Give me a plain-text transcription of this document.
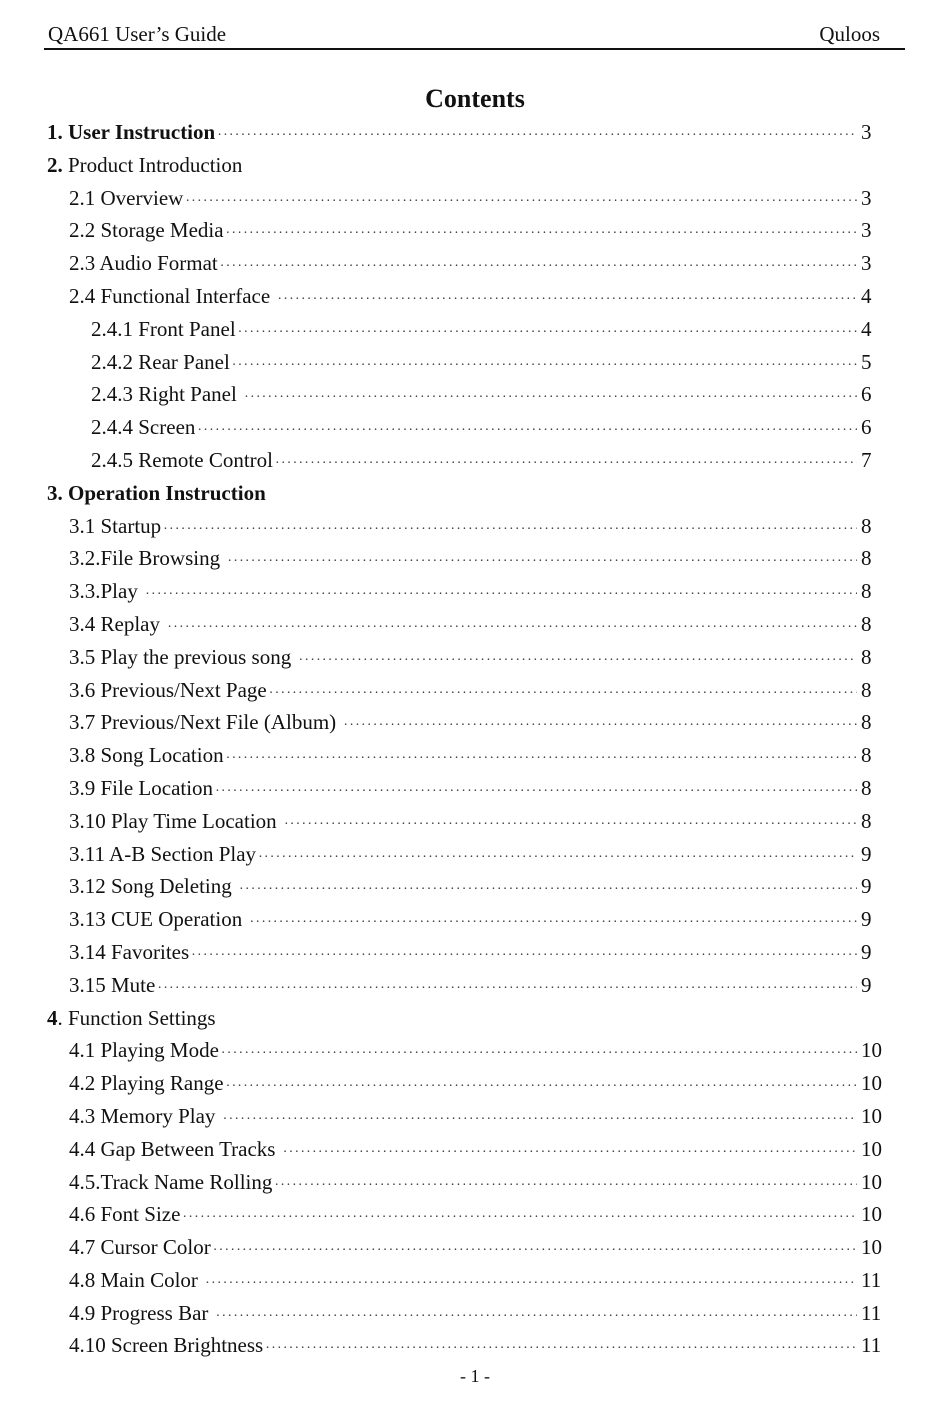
QA661 User’s Guide	Quloos
Contents
1. User Instruction ·····	3
2. Product Introduction
2.1 Overview ·····	3
2.2 Storage Media ·····	3
2.3 Audio Format ·····	3
2.4 Functional Interface ·····	4
2.4.1 Front Panel ·····	4
2.4.2 Rear Panel ·····	5
2.4.3 Right Panel ·····	6
2.4.4 Screen ·····	6
2.4.5 Remote Control ·····	7
3. Operation Instruction
3.1 Startup ·····	8
3.2.File Browsing ·····	8
3.3.Play ·····	8
3.4 Replay ·····	8
3.5 Play the previous song ·····	8
3.6 Previous/Next Page ·····	8
3.7 Previous/Next File (Album) ·····	8
3.8 Song Location ·····	8
3.9 File Location ·····	8
3.10 Play Time Location ·····	8
3.11 A-B Section Play ·····	9
3.12 Song Deleting ·····	9
3.13 CUE Operation ·····	9
3.14 Favorites ·····	9
3.15 Mute ·····	9
4. Function Settings
4.1 Playing Mode ·····	10
4.2 Playing Range ·····	10
4.3 Memory Play ·····	10
4.4 Gap Between Tracks ·····	10
4.5.Track Name Rolling ·····	10
4.6 Font Size ·····	10
4.7 Cursor Color ·····	10
4.8 Main Color ·····	11
4.9 Progress Bar ·····	11
4.10 Screen Brightness ·····	11
- 1 -
